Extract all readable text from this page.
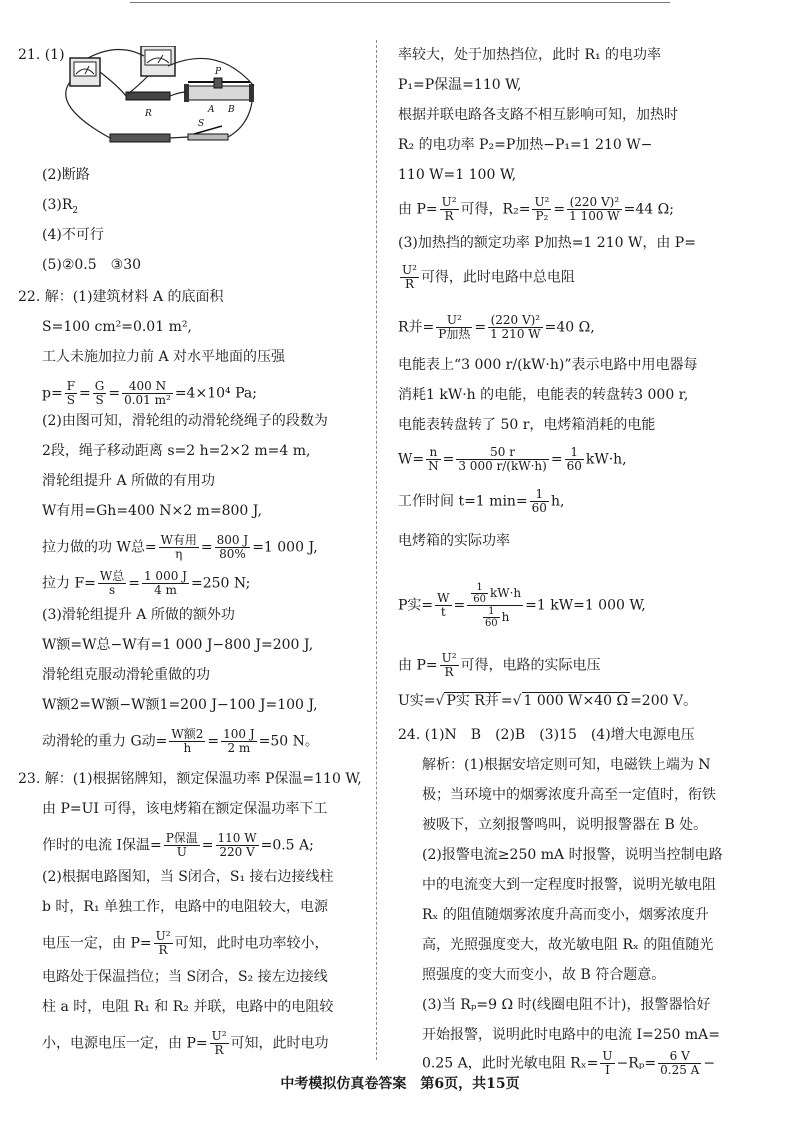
21. (1)
R
P
A B
S
(2)断路
$(3)R_2$
(4)不可行
(5)②0.5　③30
22. 解：(1)建筑材料 A 的底面积
S=100 cm²=0.01 m²,
工人未施加拉力前 A 对水平地面的压强
$p= \frac{F}{S} = \frac{G}{S} = \frac{400 N}{\text{0.01 m²}} =4\times 10^4$ Pa;
(2)由图可知，滑轮组的动滑轮绕绳子的段数为
2段，绳子移动距离 s=2 h=2×2 m=4 m,
滑轮组提升 A 所做的有用功
W有用=Gh=400 N×2 m=800 J,
拉力做的功 W总= $\frac{\text{W有用}}{\eta} = \frac{800 J}{80\%} =1$ 000 J,
拉力 $F= \frac{\text{W总}}{s} = \frac{1 000 J}{4 m} =250$ N;
(3)滑轮组提升 A 所做的额外功
W额=W总−W有=1 000 J−800 J=200 J,
滑轮组克服动滑轮重做的功
W额2=W额−W额1=200 J−100 J=100 J,
动滑轮的重力 G动= $\frac{\text{W额2}}{h} = \frac{100 J}{2 m} =50$ N。
23. 解：(1)根据铭牌知，额定保温功率 P保温=110 W,
由 P=UI 可得，该电烤箱在额定保温功率下工
作时的电流 I保温= $\frac{\text{P保温}}{U} = \frac{110 W}{220 V} =0.5$ A;
(2)根据电路图知，当 S闭合，S₁ 接右边接线柱
b 时，R₁ 单独工作，电路中的电阻较大，电源
电压一定，由 $P= \frac{\text{U²}}{R}$ 可知，此时电功率较小，
电路处于保温挡位；当 S闭合，S₂ 接左边接线
柱 a 时，电阻 R₁ 和 R₂ 并联，电路中的电阻较
小，电源电压一定，由 $P= \frac{\text{U²}}{R}$ 可知，此时电功
率较大，处于加热挡位，此时 R₁ 的电功率
P₁=P保温=110 W,
根据并联电路各支路不相互影响可知，加热时
R₂ 的电功率 P₂=P加热−P₁=1 210 W−
110 W=1 100 W,
由 $P= \frac{\text{U²}}{R}$ 可得，$R_2= \frac{\text{U²}}{\text{P₂}} = \frac{\text{(220 V)²}}{1 100 W} =44$ Ω;
(3)加热挡的额定功率 P加热=1 210 W，由 P=
$\frac{\text{U²}}{R}$ 可得，此时电路中总电阻
R并= $\frac{\text{U²}}{\text{P加热}} = \frac{\text{(220 V)²}}{1 210 W} =40$ Ω,
电能表上“3 000 r/(kW·h)”表示电路中用电器每
消耗1 kW·h 的电能，电能表的转盘转3 000 r,
电能表转盘转了 50 r，电烤箱消耗的电能
$W= \frac{n}{N} = \frac{50 r}{3 000 r/(kW\cdot h)} = \frac{1}{60} kW\cdot h$,
工作时间 t=1 $\min= \frac{1}{60} h$,
电烤箱的实际功率
P实= $\frac{W}{t} = \frac{\frac{1}{60} kW\cdot h}{\frac{1}{60} h} =1$ kW=1 000 W,
由 $P= \frac{\text{U²}}{R}$ 可得，电路的实际电压
U实=√ P实 R并 =√ 1 000 W×40 Ω =200 V。
24. (1)N　B　(2)B　(3)15　(4)增大电源电压
解析：(1)根据安培定则可知，电磁铁上端为 N
极；当环境中的烟雾浓度升高至一定值时，衔铁
被吸下，立刻报警鸣叫，说明报警器在 B 处。
(2)报警电流≥250 mA 时报警，说明当控制电路
中的电流变大到一定程度时报警，说明光敏电阻
Rₓ 的阻值随烟雾浓度升高而变小，烟雾浓度升
高，光照强度变大，故光敏电阻 Rₓ 的阻值随光
照强度的变大而变小，故 B 符合题意。
(3)当 Rₚ=9 Ω 时(线圈电阻不计)，报警器恰好
开始报警，说明此时电路中的电流 I=250 mA=
0.25 A，此时光敏电阻 $R_x= \frac{U}{I} -R_p= \frac{6 V}{0.25 A}$ −
中考模拟仿真卷答案　第6页，共15页
